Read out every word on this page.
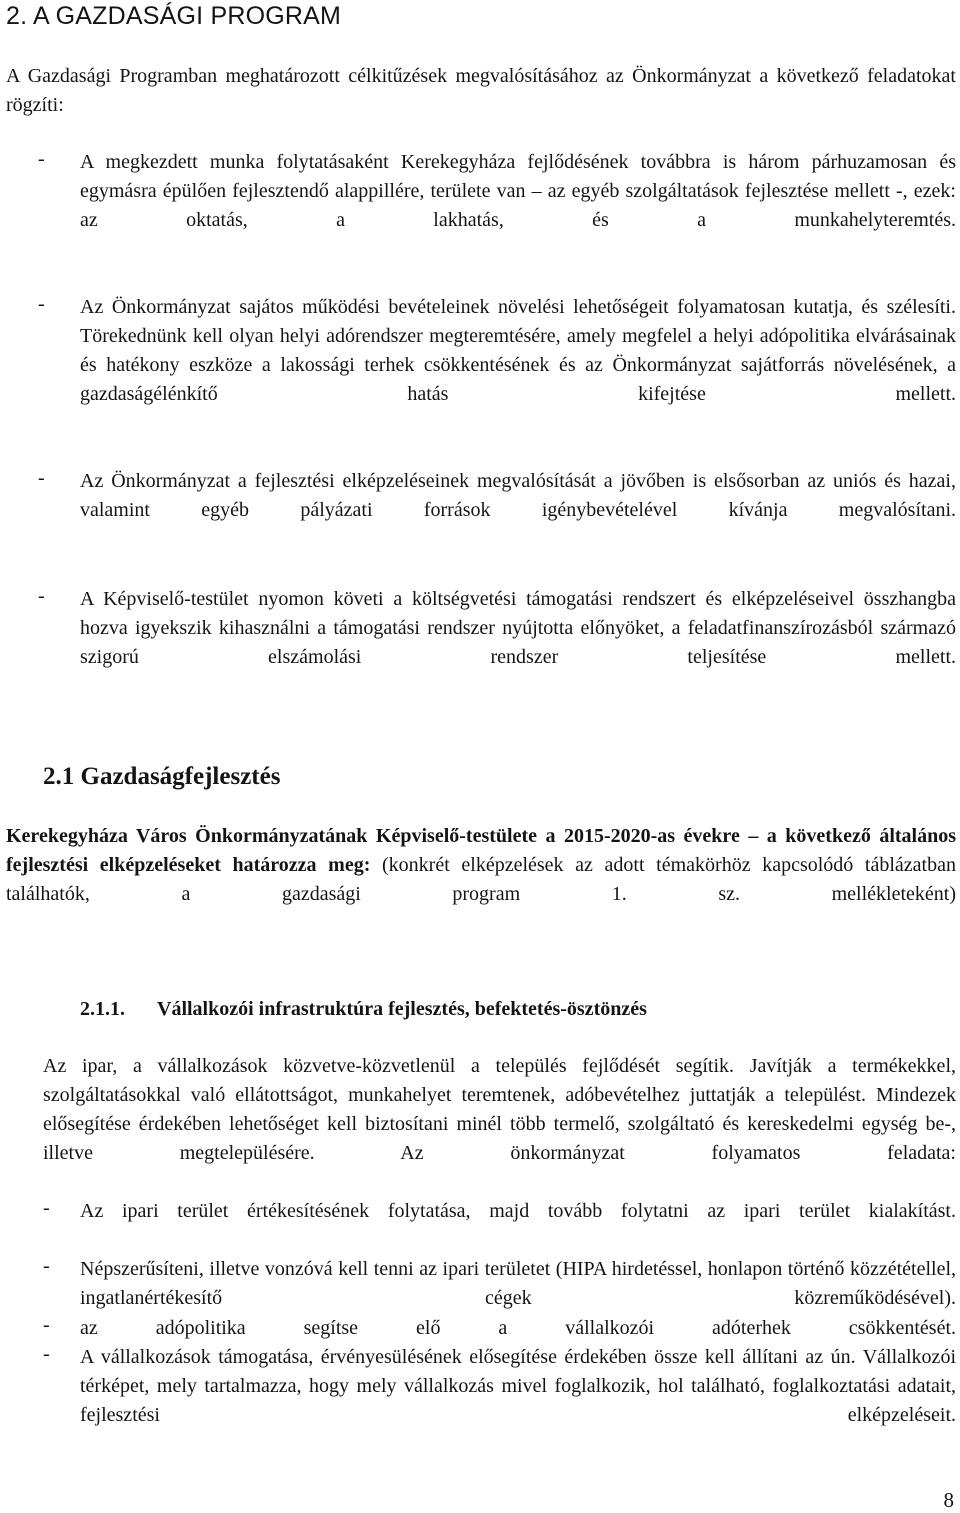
2. A GAZDASÁGI PROGRAM

A Gazdasági Programban meghatározott célkitűzések megvalósításához az Önkormányzat a következő feladatokat rögzíti:

-	A megkezdett munka folytatásaként Kerekegyháza fejlődésének továbbra is három párhuzamosan és egymásra épülően fejlesztendő alappillére, területe van – az egyéb szolgáltatások fejlesztése mellett -, ezek: az oktatás, a lakhatás, és a munkahelyteremtés.

-	Az Önkormányzat sajátos működési bevételeinek növelési lehetőségeit folyamatosan kutatja, és szélesíti. Törekednünk kell olyan helyi adórendszer megteremtésére, amely megfelel a helyi adópolitika elvárásainak és hatékony eszköze a lakossági terhek csökkentésének és az Önkormányzat sajátforrás növelésének, a gazdaságélénkítő hatás kifejtése mellett.

-	Az Önkormányzat a fejlesztési elképzeléseinek megvalósítását a jövőben is elsősorban az uniós és hazai, valamint egyéb pályázati források igénybevételével kívánja megvalósítani.

-	A Képviselő-testület nyomon követi a költségvetési támogatási rendszert és elképzeléseivel összhangba hozva igyekszik kihasználni a támogatási rendszer nyújtotta előnyöket, a feladatfinanszírozásból származó szigorú elszámolási rendszer teljesítése mellett.

2.1 Gazdaságfejlesztés

Kerekegyháza Város Önkormányzatának Képviselő-testülete a 2015-2020-as évekre – a következő általános fejlesztési elképzeléseket határozza meg: (konkrét elképzelések az adott témakörhöz kapcsolódó táblázatban találhatók, a gazdasági program 1. sz. mellékleteként)

2.1.1. Vállalkozói infrastruktúra fejlesztés, befektetés-ösztönzés

Az ipar, a vállalkozások közvetve-közvetlenül a település fejlődését segítik. Javítják a termékekkel, szolgáltatásokkal való ellátottságot, munkahelyet teremtenek, adóbevételhez juttatják a települést. Mindezek elősegítése érdekében lehetőséget kell biztosítani minél több termelő, szolgáltató és kereskedelmi egység be-, illetve megtelepülésére. Az önkormányzat folyamatos feladata:

-	Az ipari terület értékesítésének folytatása, majd tovább folytatni az ipari terület kialakítást.

-	Népszerűsíteni, illetve vonzóvá kell tenni az ipari területet (HIPA hirdetéssel, honlapon történő közzététellel, ingatlanértékesítő cégek közreműködésével).

-	az adópolitika segítse elő a vállalkozói adóterhek csökkentését.

-	A vállalkozások támogatása, érvényesülésének elősegítése érdekében össze kell állítani az ún. Vállalkozói térképet, mely tartalmazza, hogy mely vállalkozás mivel foglalkozik, hol található, foglalkoztatási adatait, fejlesztési elképzeléseit.

8
